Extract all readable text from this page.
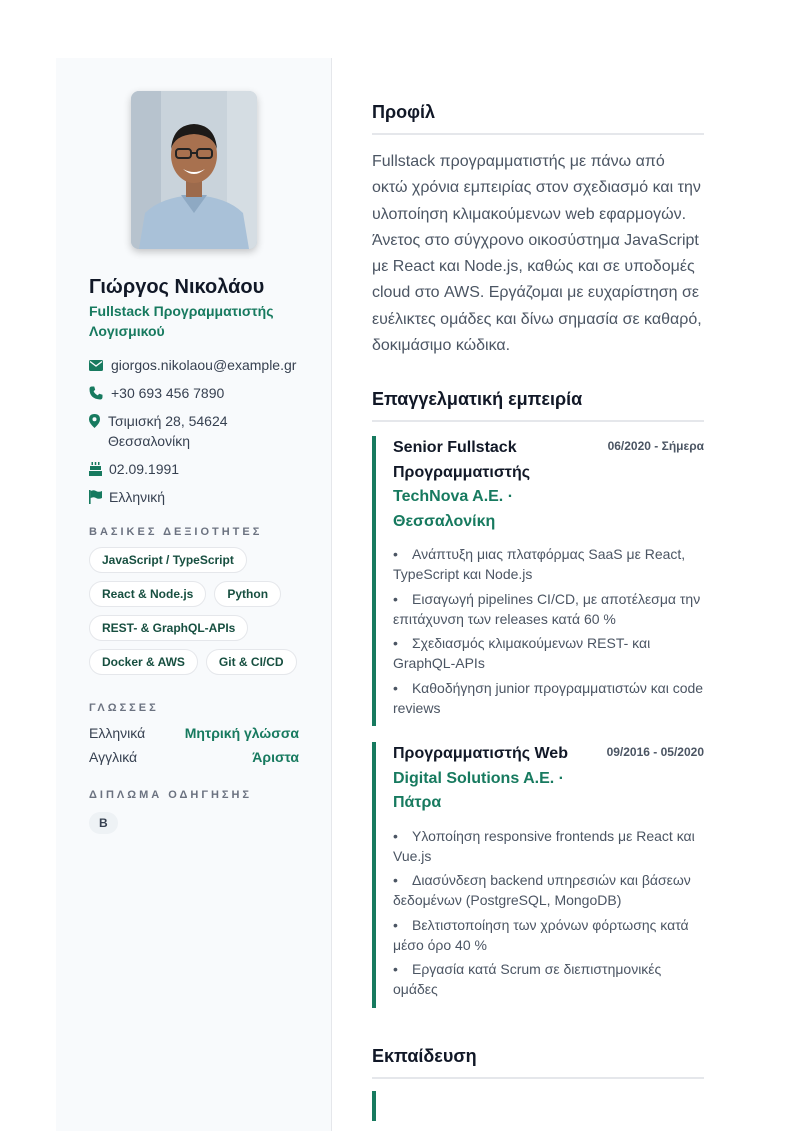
Γιώργος Νικολάου
Fullstack Προγραμματιστής Λογισμικού
giorgos.nikolaou@example.gr
+30 693 456 7890
Τσιμισκή 28, 54624 Θεσσαλονίκη
02.09.1991
Ελληνική
ΒΑΣΙΚΕΣ ΔΕΞΙΟΤΗΤΕΣ
JavaScript / TypeScript
React & Node.js	Python
REST- & GraphQL-APIs
Docker & AWS	Git & CI/CD
ΓΛΩΣΣΕΣ
Ελληνικά	Μητρική γλώσσα
Αγγλικά	Άριστα
ΔΙΠΛΩΜΑ ΟΔΗΓΗΣΗΣ
B
Προφίλ

Fullstack προγραμματιστής με πάνω από οκτώ χρόνια εμπειρίας στον σχεδιασμό και την υλοποίηση κλιμακούμενων web εφαρμογών. Άνετος στο σύγχρονο οικοσύστημα JavaScript με React και Node.js, καθώς και σε υποδομές cloud στο AWS. Εργάζομαι με ευχαρίστηση σε ευέλικτες ομάδες και δίνω σημασία σε καθαρό, δοκιμάσιμο κώδικα.

Επαγγελματική εμπειρία
Senior Fullstack Προγραμματιστής
06/2020 - Σήμερα
TechNova A.E. · Θεσσαλονίκη
• Ανάπτυξη μιας πλατφόρμας SaaS με React, TypeScript και Node.js
• Εισαγωγή pipelines CI/CD, με αποτέλεσμα την επιτάχυνση των releases κατά 60 %
• Σχεδιασμός κλιμακούμενων REST- και GraphQL-APIs
• Καθοδήγηση junior προγραμματιστών και code reviews
Προγραμματιστής Web	09/2016 - 05/2020
Digital Solutions A.E. · Πάτρα
• Υλοποίηση responsive frontends με React και Vue.js
• Διασύνδεση backend υπηρεσιών και βάσεων δεδομένων (PostgreSQL, MongoDB)
• Βελτιστοποίηση των χρόνων φόρτωσης κατά μέσο όρο 40 %
• Εργασία κατά Scrum σε διεπιστημονικές ομάδες
Εκπαίδευση
